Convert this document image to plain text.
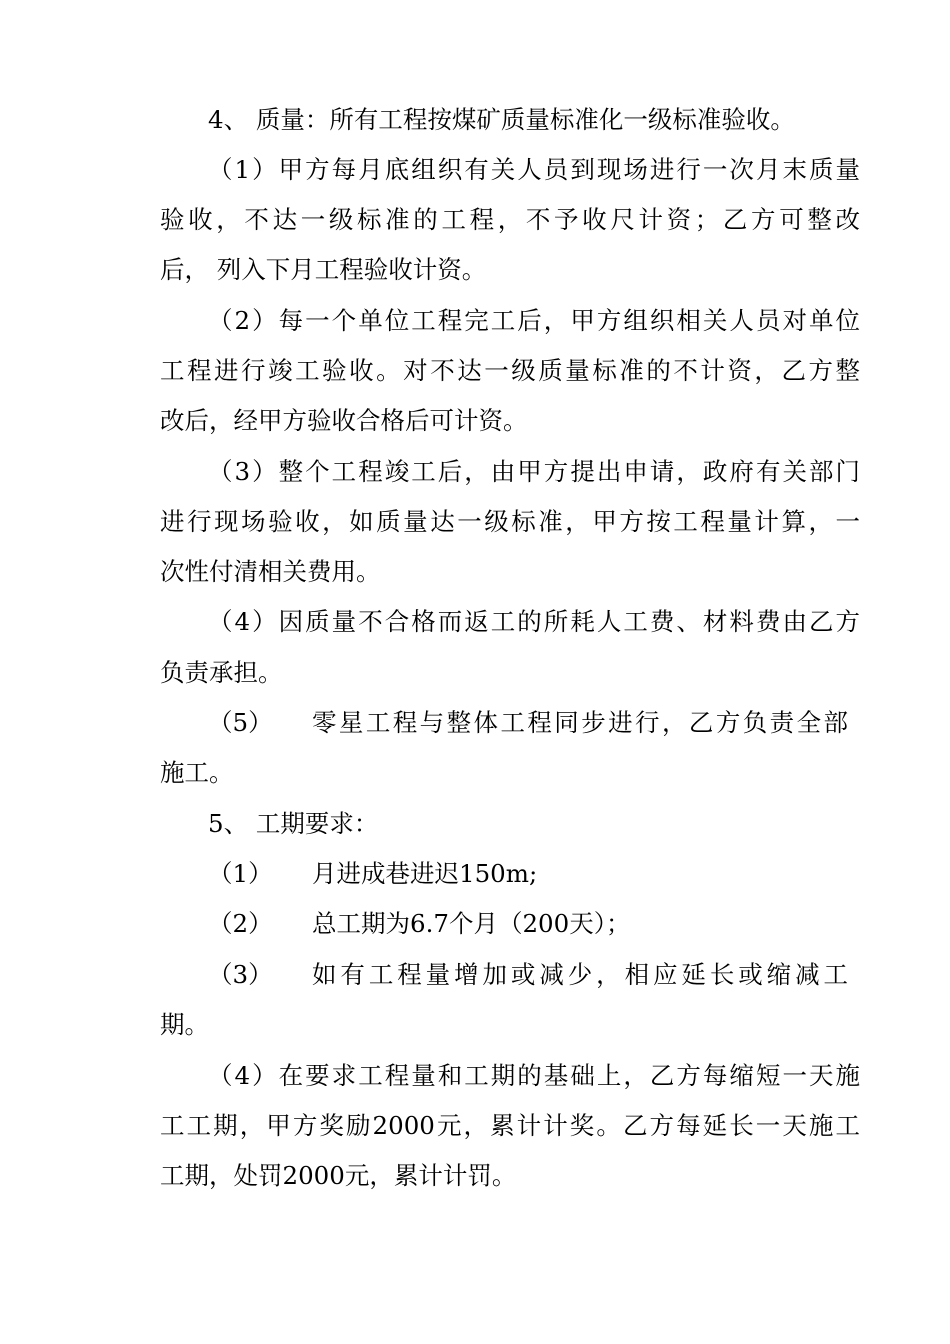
4、 质量：所有工程按煤矿质量标准化一级标准验收。
（1）甲方每月底组织有关人员到现场进行一次月末质量
验收，不达一级标准的工程，不予收尺计资；乙方可整改
后， 列入下月工程验收计资。
（2）每一个单位工程完工后，甲方组织相关人员对单位
工程进行竣工验收。对不达一级质量标准的不计资，乙方整
改后，经甲方验收合格后可计资。
（3）整个工程竣工后，由甲方提出申请，政府有关部门
进行现场验收，如质量达一级标准，甲方按工程量计算，一
次性付清相关费用。
（4）因质量不合格而返工的所耗人工费、材料费由乙方
负责承担。
（5）	零星工程与整体工程同步进行，乙方负责全部
施工。
5、 工期要求：
（1）	月进成巷进迟150m;
（2）	总工期为6.7个月（200天）；
（3）	如有工程量增加或减少，相应延长或缩减工
期。
（4）在要求工程量和工期的基础上，乙方每缩短一天施
工工期，甲方奖励2000元，累计计奖。乙方每延长一天施工
工期，处罚2000元，累计计罚。
